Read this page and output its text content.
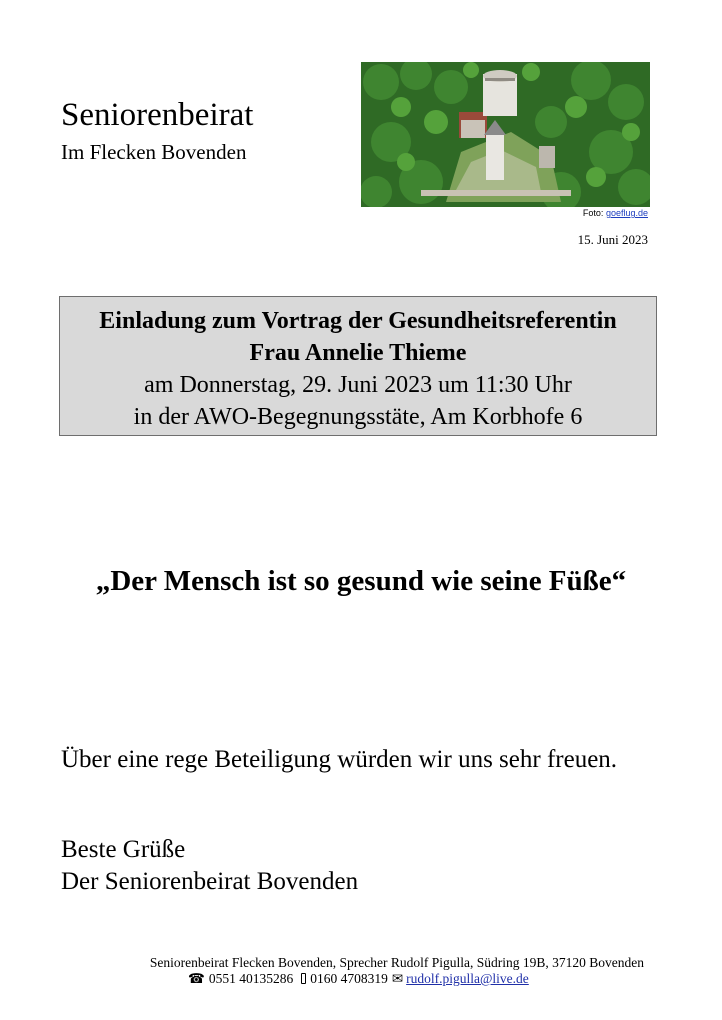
Seniorenbeirat
Im Flecken Bovenden
Foto: goeflug.de
15. Juni 2023
Einladung zum Vortrag der Gesundheitsreferentin
Frau Annelie Thieme
am Donnerstag, 29. Juni 2023 um 11:30 Uhr
in der AWO-Begegnungsstäte, Am Korbhofe 6
„Der Mensch ist so gesund wie seine Füße“
Über eine rege Beteiligung würden wir uns sehr freuen.
Beste Grüße
Der Seniorenbeirat Bovenden
Seniorenbeirat Flecken Bovenden, Sprecher Rudolf Pigulla, Südring 19B, 37120 Bovenden
☎ 0551 40135286 0160 4708319 ✉ rudolf.pigulla@live.de
